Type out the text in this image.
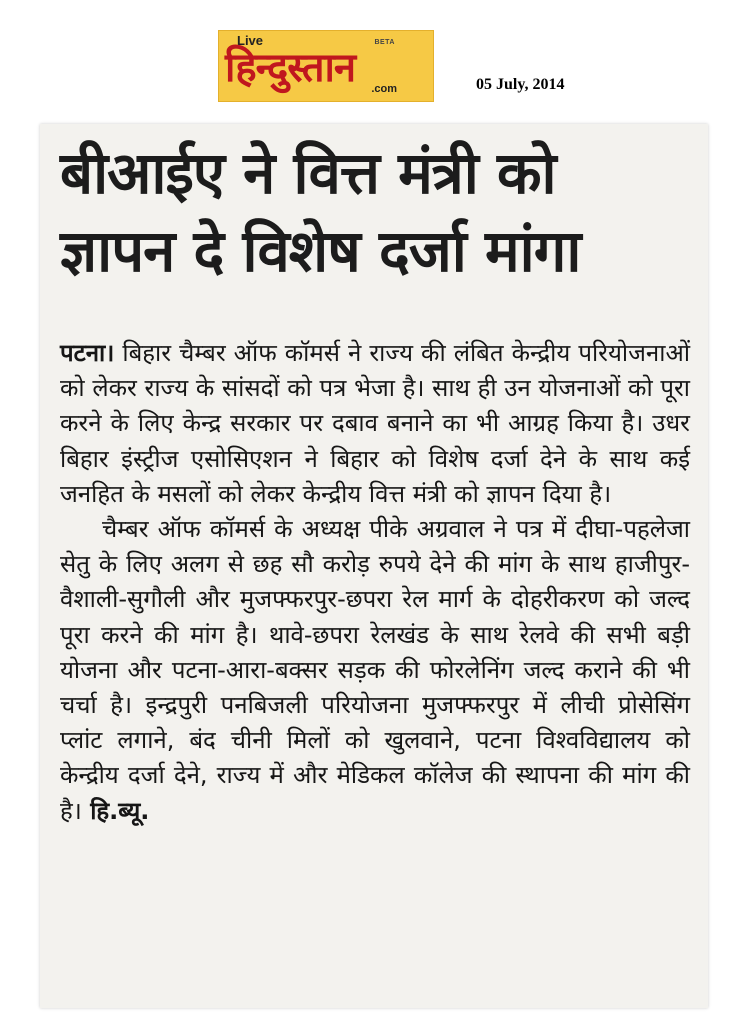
Live	BETA
हिन्दुस्तान	.com	05 July, 2014
बीआईए ने वित्त मंत्री को
ज्ञापन दे विशेष दर्जा मांगा

पटना। बिहार चैम्बर ऑफ कॉमर्स ने राज्य की लंबित केन्द्रीय परियोजनाओं को लेकर राज्य के सांसदों को पत्र भेजा है। साथ ही उन योजनाओं को पूरा करने के लिए केन्द्र सरकार पर दबाव बनाने का भी आग्रह किया है। उधर बिहार इंस्ट्रीज एसोसिएशन ने बिहार को विशेष दर्जा देने के साथ कई जनहित के मसलों को लेकर केन्द्रीय वित्त मंत्री को ज्ञापन दिया है।

चैम्बर ऑफ कॉमर्स के अध्यक्ष पीके अग्रवाल ने पत्र में दीघा-पहलेजा सेतु के लिए अलग से छह सौ करोड़ रुपये देने की मांग के साथ हाजीपुर-वैशाली-सुगौली और मुजफ्फरपुर-छपरा रेल मार्ग के दोहरीकरण को जल्द पूरा करने की मांग है। थावे-छपरा रेलखंड के साथ रेलवे की सभी बड़ी योजना और पटना-आरा-बक्सर सड़क की फोरलेनिंग जल्द कराने की भी चर्चा है। इन्द्रपुरी पनबिजली परियोजना मुजफ्फरपुर में लीची प्रोसेसिंग प्लांट लगाने, बंद चीनी मिलों को खुलवाने, पटना विश्वविद्यालय को केन्द्रीय दर्जा देने, राज्य में और मेडिकल कॉलेज की स्थापना की मांग की है। हि.ब्यू.
